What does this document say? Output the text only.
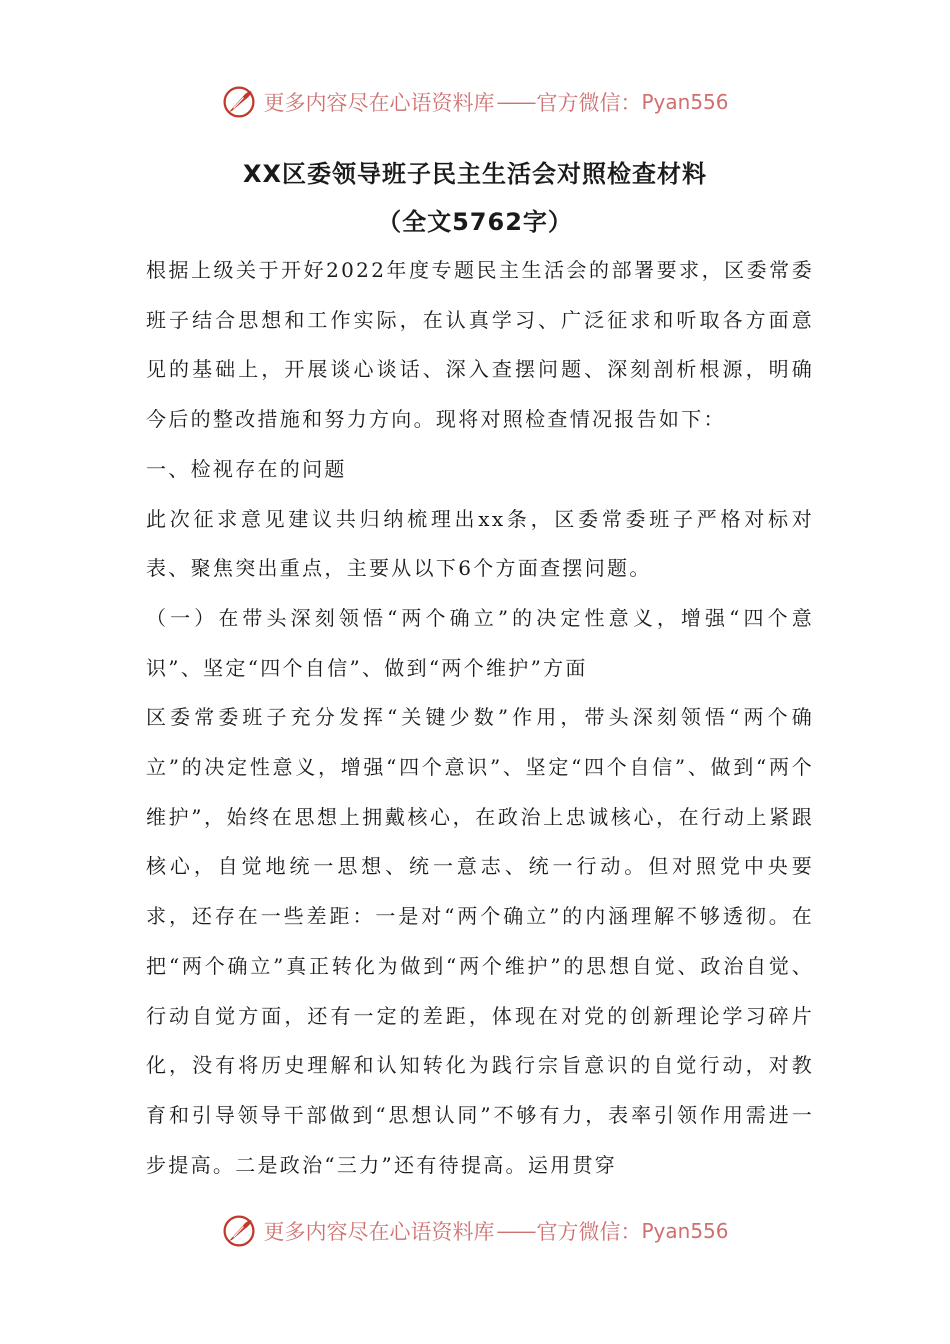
更多内容尽在心语资料库 —— 官方微信： Pyan556
XX区委领导班子民主生活会对照检查材料
（全文5762字）

根据上级关于开好2022年度专题民主生活会的部署要求，区委常委班子结合思想和工作实际，在认真学习、广泛征求和听取各方面意见的基础上，开展谈心谈话、深入查摆问题、深刻剖析根源，明确今后的整改措施和努力方向。现将对照检查情况报告如下：

一、检视存在的问题

此次征求意见建议共归纳梳理出xx条，区委常委班子严格对标对表、聚焦突出重点，主要从以下6个方面查摆问题。

（一）在带头深刻领悟“两个确立”的决定性意义，增强“四个意识”、坚定“四个自信”、做到“两个维护”方面

区委常委班子充分发挥“关键少数”作用，带头深刻领悟“两个确立”的决定性意义，增强“四个意识”、坚定“四个自信”、做到“两个维护”，始终在思想上拥戴核心，在政治上忠诚核心，在行动上紧跟核心，自觉地统一思想、统一意志、统一行动。但对照党中央要求，还存在一些差距：一是对“两个确立”的内涵理解不够透彻。在把“两个确立”真正转化为做到“两个维护”的思想自觉、政治自觉、行动自觉方面，还有一定的差距，体现在对党的创新理论学习碎片化，没有将历史理解和认知转化为践行宗旨意识的自觉行动，对教育和引导领导干部做到“思想认同”不够有力，表率引领作用需进一步提高。二是政治“三力”还有待提高。运用贯穿

更多内容尽在心语资料库 —— 官方微信： Pyan556
